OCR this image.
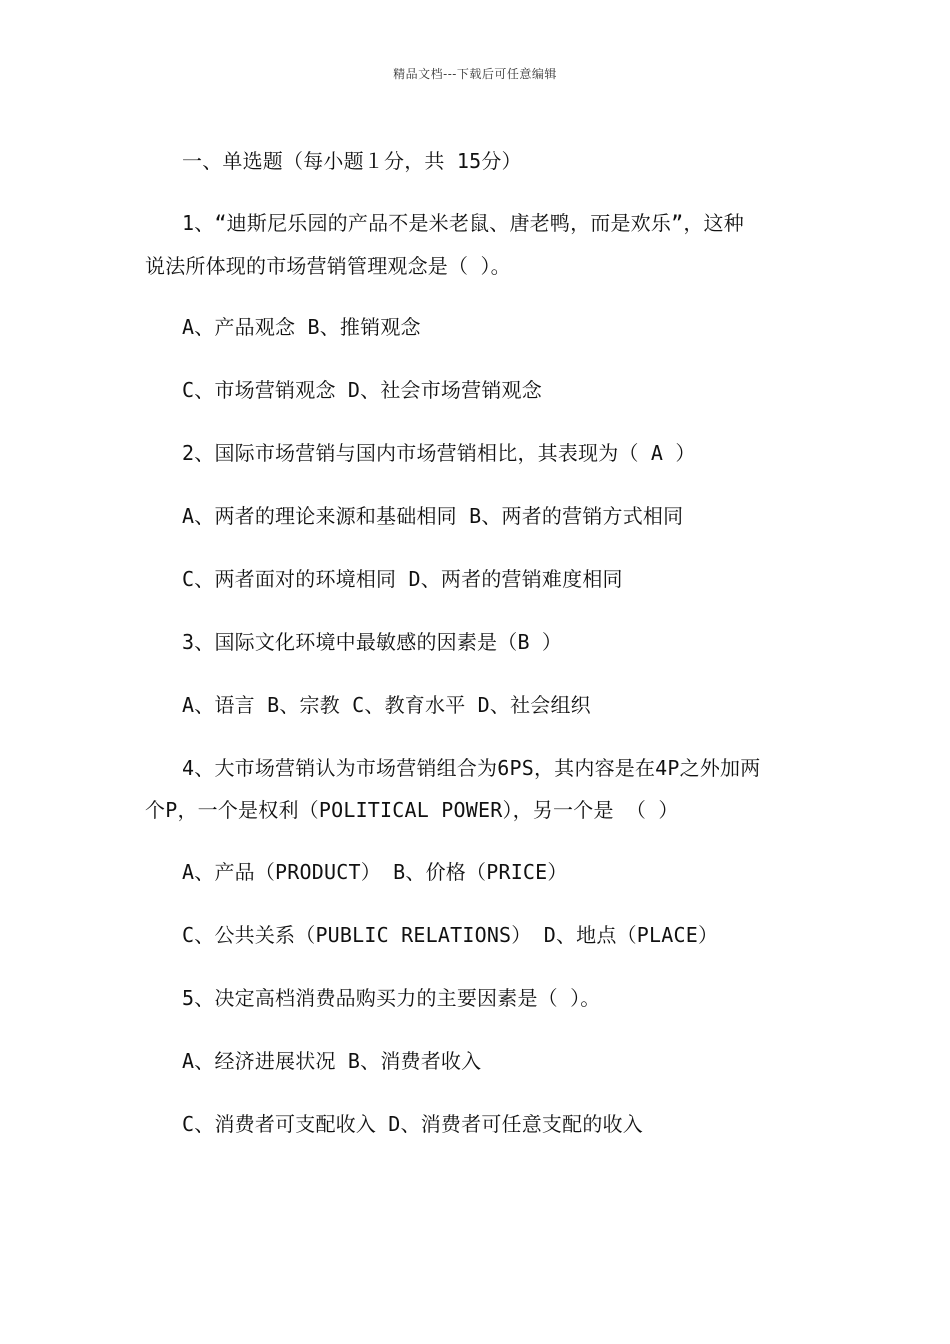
精品文档---下载后可任意编辑
一、单选题（每小题１分，共 15分）
1、“迪斯尼乐园的产品不是米老鼠、唐老鸭，而是欢乐”，这种
说法所体现的市场营销管理观念是（ ）。
A、产品观念 B、推销观念
C、市场营销观念 D、社会市场营销观念
2、国际市场营销与国内市场营销相比，其表现为（ A ）
A、两者的理论来源和基础相同 B、两者的营销方式相同
C、两者面对的环境相同 D、两者的营销难度相同
3、国际文化环境中最敏感的因素是（B ）
A、语言 B、宗教 C、教育水平 D、社会组织
4、大市场营销认为市场营销组合为6PS，其内容是在4P之外加两
个P，一个是权利（POLITICAL POWER），另一个是 （ ）
A、产品（PRODUCT） B、价格（PRICE）
C、公共关系（PUBLIC RELATIONS） D、地点（PLACE）
5、决定高档消费品购买力的主要因素是（ ）。
A、经济进展状况 B、消费者收入
C、消费者可支配收入 D、消费者可任意支配的收入
